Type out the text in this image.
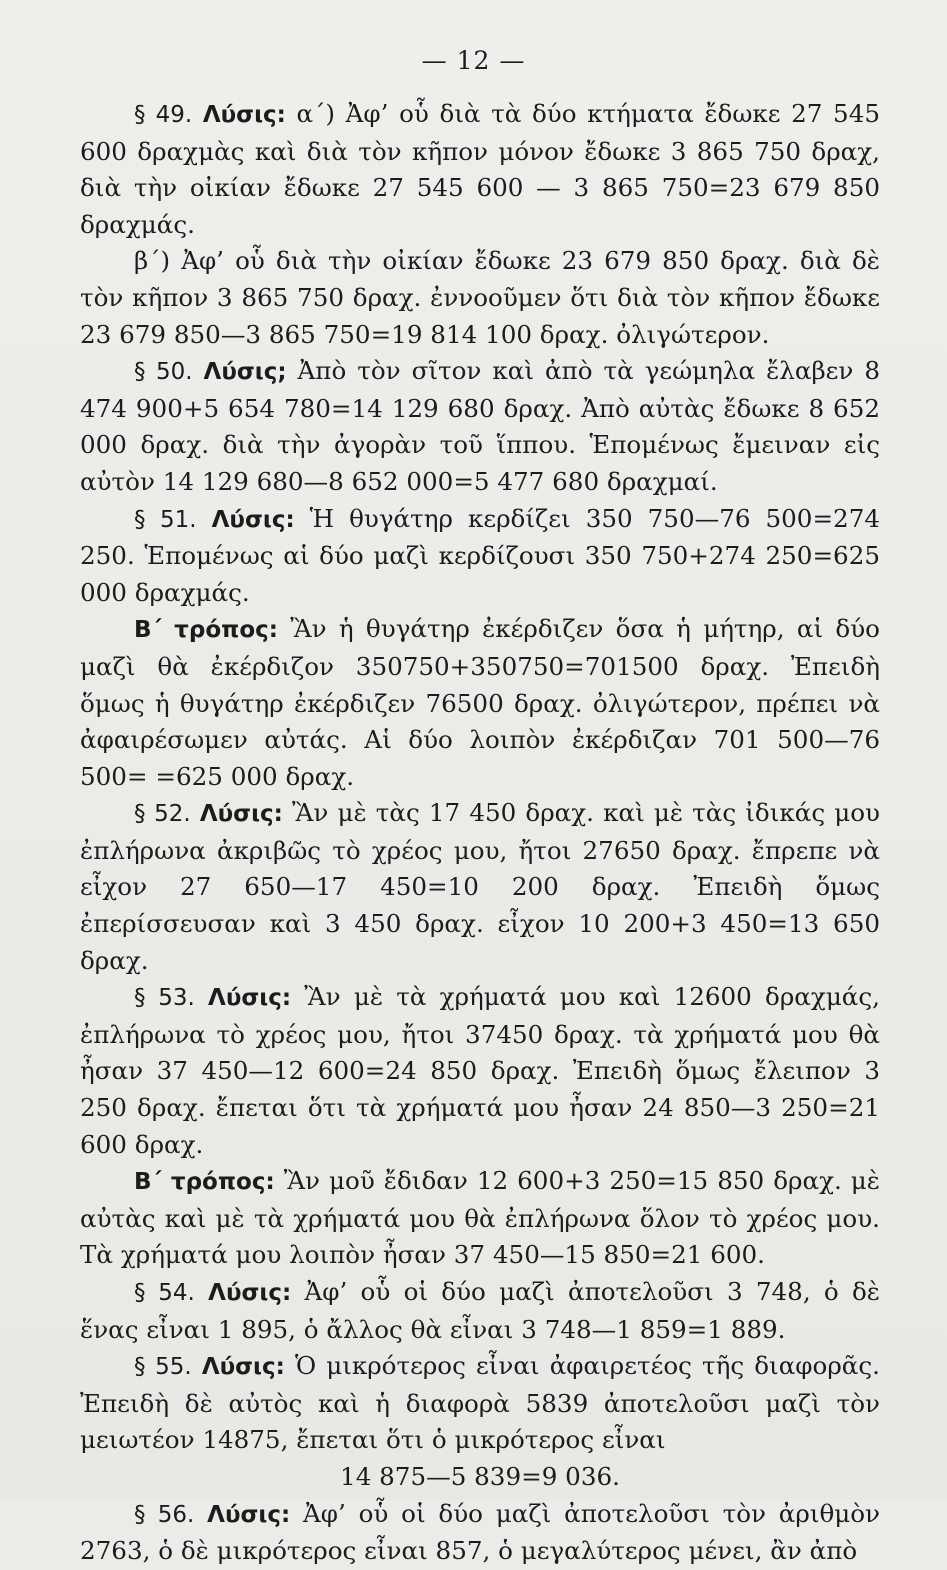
— 12 —

§ 49. Λύσις: α΄) Ἀφ’ οὗ διὰ τὰ δύο κτήματα ἔδωκε 27 545 600 δραχμὰς καὶ διὰ τὸν κῆπον μόνον ἔδωκε 3 865 750 δραχ, διὰ τὴν οἰκίαν ἔδωκε 27 545 600 — 3 865 750=23 679 850 δραχμάς.

β΄) Ἀφ’ οὗ διὰ τὴν οἰκίαν ἔδωκε 23 679 850 δραχ. διὰ δὲ τὸν κῆπον 3 865 750 δραχ. ἐννοοῦμεν ὅτι διὰ τὸν κῆπον ἔδωκε 23 679 850—3 865 750=19 814 100 δραχ. ὀλιγώτερον.

§ 50. Λύσις; Ἀπὸ τὸν σῖτον καὶ ἀπὸ τὰ γεώμηλα ἔλαβεν 8 474 900+5 654 780=14 129 680 δραχ. Ἀπὸ αὐτὰς ἔδωκε 8 652 000 δραχ. διὰ τὴν ἀγορὰν τοῦ ἵππου. Ἑπομένως ἔμειναν εἰς αὐτὸν 14 129 680—8 652 000=5 477 680 δραχμαί.

§ 51. Λύσις: Ἡ θυγάτηρ κερδίζει 350 750—76 500=274 250. Ἑπομένως αἱ δύο μαζὶ κερδίζουσι 350 750+274 250=625 000 δραχμάς.

Β΄ τρόπος: Ἂν ἡ θυγάτηρ ἐκέρδιζεν ὅσα ἡ μήτηρ, αἱ δύο μαζὶ θὰ ἐκέρδιζον 350750+350750=701500 δραχ. Ἐπειδὴ ὅμως ἡ θυγάτηρ ἐκέρδιζεν 76500 δραχ. ὀλιγώτερον, πρέπει νὰ ἀφαιρέσωμεν αὐτάς. Αἱ δύο λοιπὸν ἐκέρδιζαν 701 500—76 500= =625 000 δραχ.

§ 52. Λύσις: Ἂν μὲ τὰς 17 450 δραχ. καὶ μὲ τὰς ἰδικάς μου ἐπλήρωνα ἀκριβῶς τὸ χρέος μου, ἤτοι 27650 δραχ. ἔπρεπε νὰ εἶχον 27 650—17 450=10 200 δραχ. Ἐπειδὴ ὅμως ἐπερίσσευσαν καὶ 3 450 δραχ. εἶχον 10 200+3 450=13 650 δραχ.

§ 53. Λύσις: Ἂν μὲ τὰ χρήματά μου καὶ 12600 δραχμάς, ἐπλήρωνα τὸ χρέος μου, ἤτοι 37450 δραχ. τὰ χρήματά μου θὰ ἦσαν 37 450—12 600=24 850 δραχ. Ἐπειδὴ ὅμως ἔλειπον 3 250 δραχ. ἔπεται ὅτι τὰ χρήματά μου ἦσαν 24 850—3 250=21 600 δραχ.

Β΄ τρόπος: Ἂν μοῦ ἔδιδαν 12 600+3 250=15 850 δραχ. μὲ αὐτὰς καὶ μὲ τὰ χρήματά μου θὰ ἐπλήρωνα ὅλον τὸ χρέος μου. Τὰ χρήματά μου λοιπὸν ἦσαν 37 450—15 850=21 600.

§ 54. Λύσις: Ἀφ’ οὗ οἱ δύο μαζὶ ἀποτελοῦσι 3 748, ὁ δὲ ἕνας εἶναι 1 895, ὁ ἄλλος θὰ εἶναι 3 748—1 859=1 889.

§ 55. Λύσις: Ὁ μικρότερος εἶναι ἀφαιρετέος τῆς διαφορᾶς. Ἐπειδὴ δὲ αὐτὸς καὶ ἡ διαφορὰ 5839 ἀποτελοῦσι μαζὶ τὸν μειωτέον 14875, ἔπεται ὅτι ὁ μικρότερος εἶναι

14 875—5 839=9 036.

§ 56. Λύσις: Ἀφ’ οὗ οἱ δύο μαζὶ ἀποτελοῦσι τὸν ἀριθμὸν 2763, ὁ δὲ μικρότερος εἶναι 857, ὁ μεγαλύτερος μένει, ἂν ἀπὸ
